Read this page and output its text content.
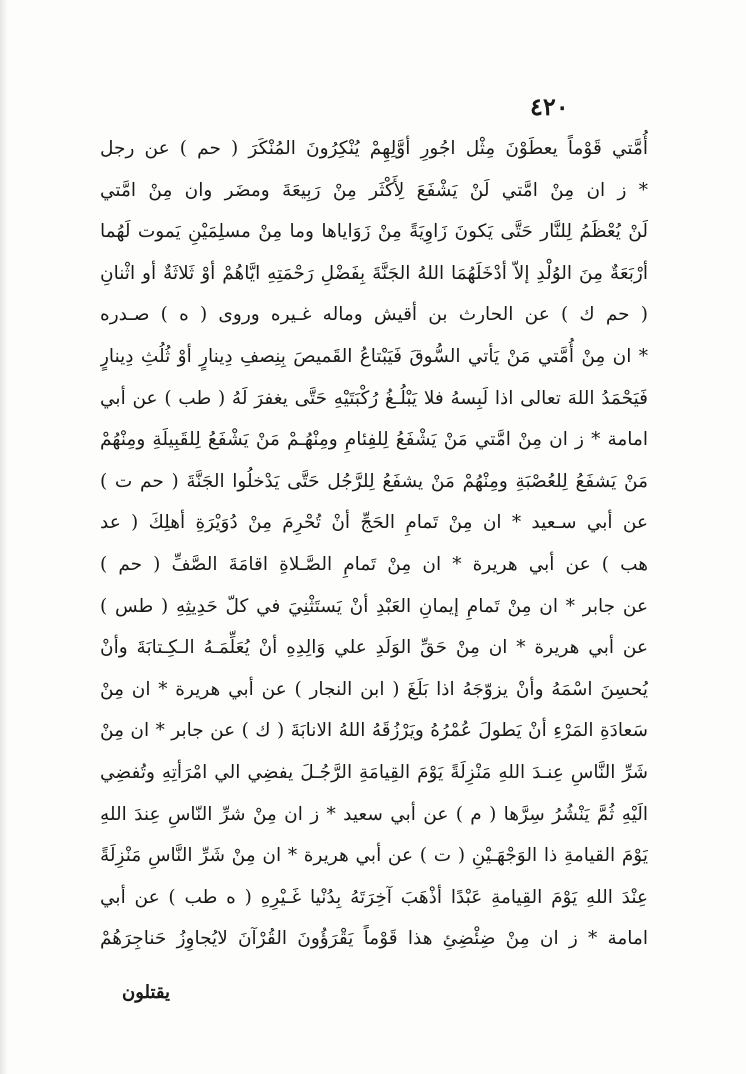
٤٢٠
أُمَّتي قَوْماً يعطَوْنَ مِثْل اجُورِ أوَّلِهِمْ يُنْكِرُونَ المُنْكَرَ ( حم ) عن رجل
* ز ان مِنْ امَّتي لَنْ يَشْفَعَ لِأَكْثَر مِنْ رَبِيعَةَ ومضَر وان مِنْ امَّتي
لَنْ يُعْظَمُ لِلنَّار حَتَّى يَكونَ زَاوِيَةً مِنْ زَوَاياها وما مِنْ مسلِمَيْنِ يَموت لَهُما
أرْبَعَةٌ مِنَ الوُلْدِ إلاّ أدْخَلَهُمَا اللهُ الجَنَّةَ بِفَضْلِ رَحْمَتِهِ ايَّاهُمْ أوْ ثَلاثَةٌ أو اثْنانِ
( حم ك ) عن الحارث بن أقيش وماله غـيره وروى ( ه ) صـدره
* ان مِنْ أُمَّتي مَنْ يَأتي السُّوقَ فَيَبْتاعُ القَميصَ بِنِصفِ دِينارٍ أوْ ثُلُثِ دِينارٍ
فَيَحْمَدُ اللهَ تعالى اذا لَبِسهُ فلا يَبْلُـغُ رُكْبَتَيْهِ حَتَّى يغفرَ لَهُ ( طب ) عن أبي
امامة * ز ان مِنْ امَّتي مَنْ يَشْفَعُ لِلفِئامِ ومِنْهُـمْ مَنْ يَشْفَعُ لِلقَبِيلَةِ ومِنْهُمْ
مَنْ يَشفَعُ لِلعُصْبَةِ ومِنْهُمْ مَنْ يشفَعُ لِلرَّجُل حَتَّى يَدْخلُوا الجَنَّةَ ( حم ت )
عن أبي سـعيد * ان مِنْ تَمامِ الحَجِّ أنْ تُحْرِمَ مِنْ دُوَيْرَةِ أهلِكَ ( عد
هب ) عن أبي هريرة * ان مِنْ تَمامِ الصَّـلاةِ اقامَةَ الصَّفِّ ( حم )
عن جابر * ان مِنْ تَمامِ إيمانِ العَبْدِ أنْ يَستَثْنِيَ في كلّ حَدِيثِهِ ( طس )
عن أبي هريرة * ان مِنْ حَقِّ الوَلَدِ علي وَالِدِهِ أنْ يُعَلِّمَـهُ الـكِـتابَةَ وأنْ
يُحسِنَ اسْمَهُ وأنْ يزوّجَهُ اذا بَلَغَ ( ابن النجار ) عن أبي هريرة * ان مِنْ
سَعادَةِ المَرْءِ أنْ يَطولَ عُمْرُهُ ويَرْزُقَهُ اللهُ الانابَةَ ( ك ) عن جابر * ان مِنْ
شَرِّ النَّاسِ عِنـدَ اللهِ مَنْزِلَةً يَوْمَ القِيامَةِ الرَّجُـلَ يفضِي الي امْرَأتِهِ وتُفضِي
الَيْهِ ثُمَّ يَنْشُرُ سِرَّها ( م ) عن أبي سعيد * ز ان مِنْ شرِّ النّاسِ عِندَ اللهِ
يَوْمَ القيامةِ ذا الوَجْهَـيْنِ ( ت ) عن أبي هريرة * ان مِنْ شَرِّ النَّاسِ مَنْزِلَةً
عِنْدَ اللهِ يَوْمَ القِيامةِ عَبْدًا أذْهَبَ آخِرَتَهُ بِدُنْيا غَـيْرِهِ ( ه طب ) عن أبي
امامة * ز ان مِنْ ضِئْضِئِ هذا قَوْماً يَقْرَؤُونَ القُرْآنَ لايُجاوِزُ حَناجِرَهُمْ
يقتلون
